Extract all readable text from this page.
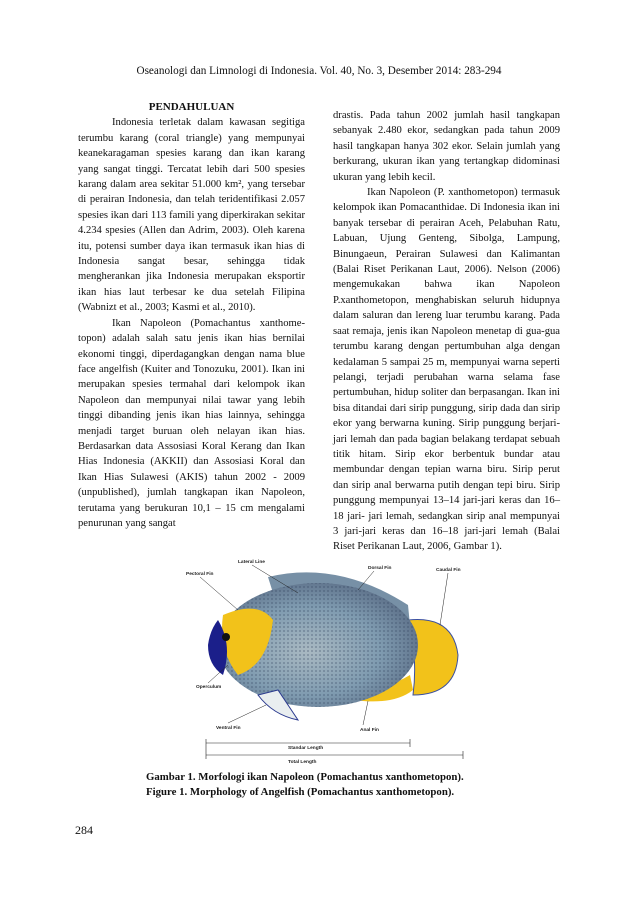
Oseanologi dan Limnologi di Indonesia. Vol. 40, No. 3, Desember 2014: 283-294

PENDAHULUAN

Indonesia terletak dalam kawasan segitiga terumbu karang (coral triangle) yang mempunyai keanekaragaman spesies karang dan ikan karang yang sangat tinggi. Tercatat lebih dari 500 spesies karang dalam area sekitar 51.000 km², yang tersebar di perairan Indonesia, dan telah teridentifikasi 2.057 spesies ikan dari 113 famili yang diperkirakan sekitar 4.234 spesies (Allen dan Adrim, 2003). Oleh karena itu, potensi sumber daya ikan termasuk ikan hias di Indonesia sangat besar, sehingga tidak mengherankan jika Indonesia merupakan eksportir ikan hias laut terbesar ke dua setelah Filipina (Wabnizt et al., 2003; Kasmi et al., 2010).

Ikan Napoleon (Pomachantus xanthome-topon) adalah salah satu jenis ikan hias bernilai ekonomi tinggi, diperdagangkan dengan nama blue face angelfish (Kuiter and Tonozuku, 2001). Ikan ini merupakan spesies termahal dari kelompok ikan Napoleon dan mempunyai nilai tawar yang lebih tinggi dibanding jenis ikan hias lainnya, sehingga menjadi target buruan oleh nelayan ikan hias. Berdasarkan data Assosiasi Koral Kerang dan Ikan Hias Indonesia (AKKII) dan Assosiasi Koral dan Ikan Hias Sulawesi (AKIS) tahun 2002 - 2009 (unpublished), jumlah tangkapan ikan Napoleon, terutama yang berukuran 10,1 – 15 cm mengalami penurunan yang sangat

drastis. Pada tahun 2002 jumlah hasil tangkapan sebanyak 2.480 ekor, sedangkan pada tahun 2009 hasil tangkapan hanya 302 ekor. Selain jumlah yang berkurang, ukuran ikan yang tertangkap didominasi ukuran yang lebih kecil.

Ikan Napoleon (P. xanthometopon) termasuk kelompok ikan Pomacanthidae. Di Indonesia ikan ini banyak tersebar di perairan Aceh, Pelabuhan Ratu, Labuan, Ujung Genteng, Sibolga, Lampung, Binungaeun, Perairan Sulawesi dan Kalimantan (Balai Riset Perikanan Laut, 2006). Nelson (2006) mengemukakan bahwa ikan Napoleon P.xanthometopon, menghabiskan seluruh hidupnya dalam saluran dan lereng luar terumbu karang. Pada saat remaja, jenis ikan Napoleon menetap di gua-gua terumbu karang dengan pertumbuhan alga dengan kedalaman 5 sampai 25 m, mempunyai warna seperti pelangi, terjadi perubahan warna selama fase pertumbuhan, hidup soliter dan berpasangan. Ikan ini bisa ditandai dari sirip punggung, sirip dada dan sirip ekor yang berwarna kuning. Sirip punggung berjari-jari lemah dan pada bagian belakang terdapat sebuah titik hitam. Sirip ekor berbentuk bundar atau membundar dengan tepian warna biru. Sirip perut dan sirip anal berwarna putih dengan tepi biru. Sirip punggung mempunyai 13–14 jari-jari keras dan 16–18 jari- jari lemah, sedangkan sirip anal mempunyai 3 jari-jari keras dan 16–18 jari-jari lemah (Balai Riset Perikanan Laut, 2006, Gambar 1).

Lateral Line
Dorsal Fin
Pectoral Fin
Caudal Fin
Operculum
Ventral Fin	Anal Fin
Standar Length
Total Length
Gambar 1. Morfologi ikan Napoleon (Pomachantus xanthometopon).
Figure 1. Morphology of Angelfish (Pomachantus xanthometopon).
284
